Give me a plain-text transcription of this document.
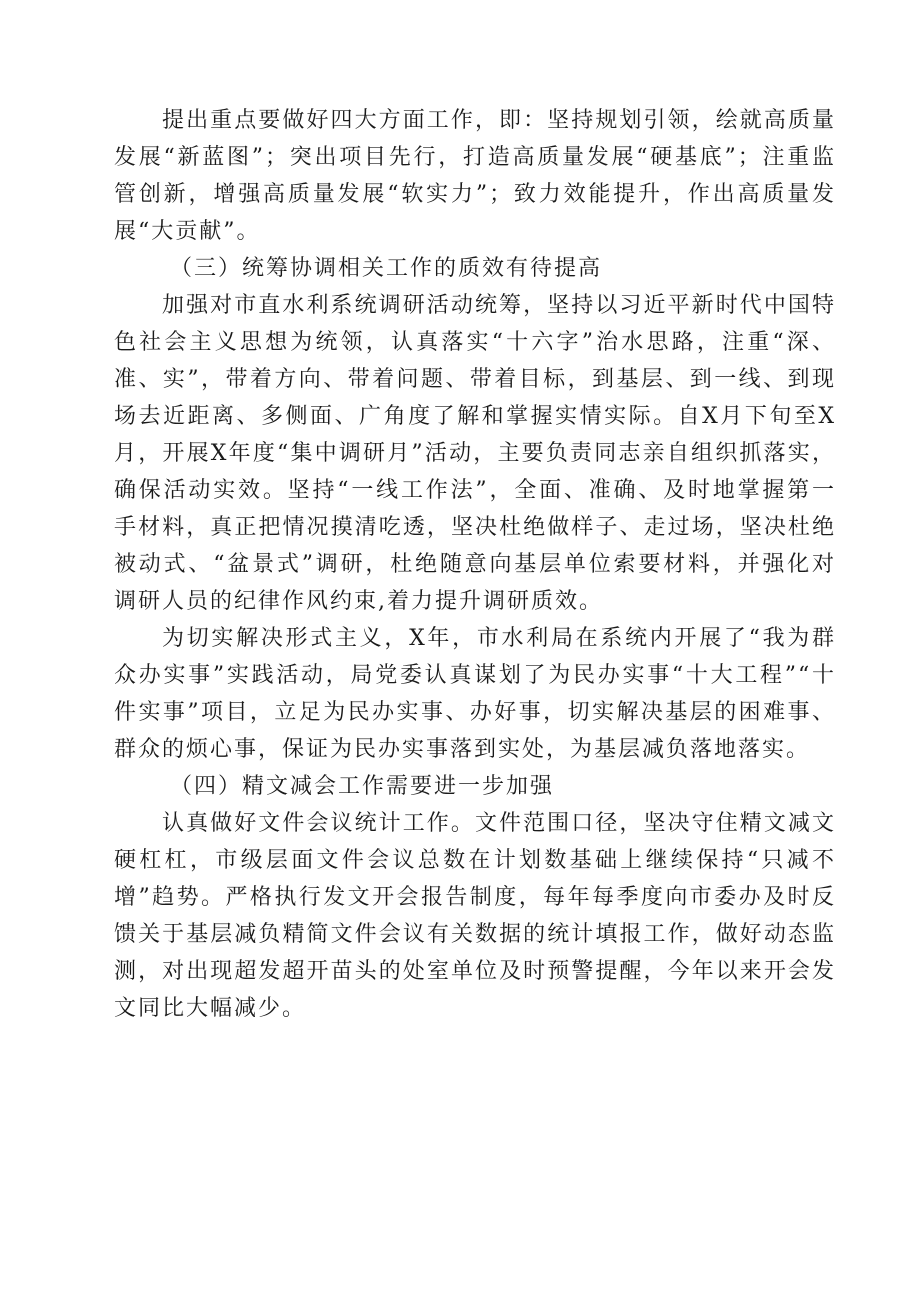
提出重点要做好四大方面工作，即：坚持规划引领，绘就高质量发展“新蓝图”；突出项目先行，打造高质量发展“硬基底”；注重监管创新，增强高质量发展“软实力”；致力效能提升，作出高质量发展“大贡献”。

（三）统筹协调相关工作的质效有待提高

加强对市直水利系统调研活动统筹，坚持以习近平新时代中国特色社会主义思想为统领，认真落实“十六字”治水思路，注重“深、准、实”，带着方向、带着问题、带着目标，到基层、到一线、到现场去近距离、多侧面、广角度了解和掌握实情实际。自X月下旬至X月，开展X年度“集中调研月”活动，主要负责同志亲自组织抓落实，确保活动实效。坚持“一线工作法”，全面、准确、及时地掌握第一手材料，真正把情况摸清吃透，坚决杜绝做样子、走过场，坚决杜绝被动式、“盆景式”调研，杜绝随意向基层单位索要材料，并强化对调研人员的纪律作风约束,着力提升调研质效。

为切实解决形式主义，X年，市水利局在系统内开展了“我为群众办实事”实践活动，局党委认真谋划了为民办实事“十大工程”“十件实事”项目，立足为民办实事、办好事，切实解决基层的困难事、群众的烦心事，保证为民办实事落到实处，为基层减负落地落实。

（四）精文减会工作需要进一步加强

认真做好文件会议统计工作。文件范围口径，坚决守住精文减文硬杠杠，市级层面文件会议总数在计划数基础上继续保持“只减不增”趋势。严格执行发文开会报告制度，每年每季度向市委办及时反馈关于基层减负精简文件会议有关数据的统计填报工作，做好动态监测，对出现超发超开苗头的处室单位及时预警提醒，今年以来开会发文同比大幅减少。
